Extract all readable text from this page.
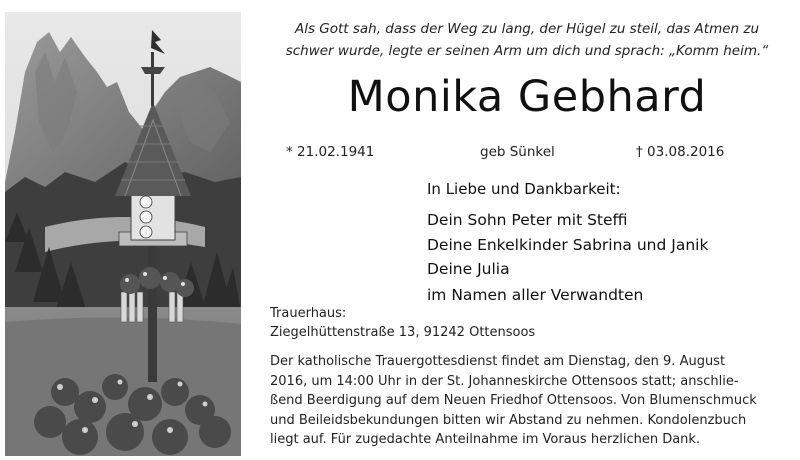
Als Gott sah, dass der Weg zu lang, der Hügel zu steil, das Atmen zu
schwer wurde, legte er seinen Arm um dich und sprach: „Komm heim.“
Monika Gebhard
* 21.02.1941	geb Sünkel	† 03.08.2016
In Liebe und Dankbarkeit:
Dein Sohn Peter mit Steffi
Deine Enkelkinder Sabrina und Janik
Deine Julia
im Namen aller Verwandten
Trauerhaus:
Ziegelhüttenstraße 13, 91242 Ottensoos
Der katholische Trauergottesdienst findet am Dienstag, den 9. August
2016, um 14:00 Uhr in der St. Johanneskirche Ottensoos statt; anschlie-
ßend Beerdigung auf dem Neuen Friedhof Ottensoos. Von Blumenschmuck
und Beileidsbekundungen bitten wir Abstand zu nehmen. Kondolenzbuch
liegt auf. Für zugedachte Anteilnahme im Voraus herzlichen Dank.
